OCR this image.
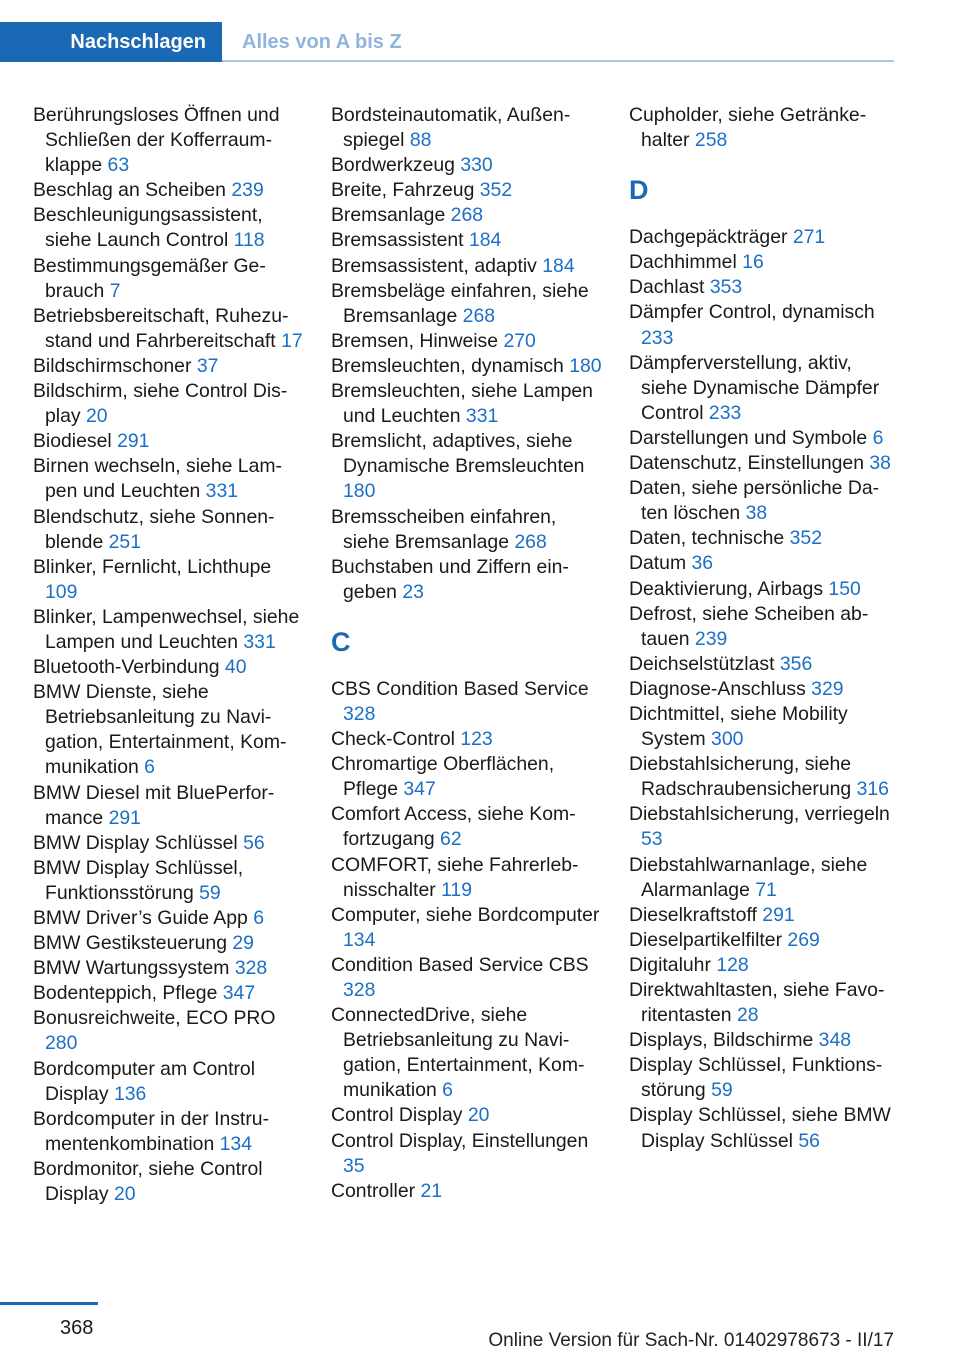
Nachschlagen Alles von A bis Z
Berührungsloses Öffnen und Schließen der Kofferraumklappe 63
Beschlag an Scheiben 239
Beschleunigungsassistent, siehe Launch Control 118
Bestimmungsgemäßer Gebrauch 7
Betriebsbereitschaft, Ruhezustand und Fahrbereitschaft 17
Bildschirmschoner 37
Bildschirm, siehe Control Display 20
Biodiesel 291
Birnen wechseln, siehe Lampen und Leuchten 331
Blendschutz, siehe Sonnenblende 251
Blinker, Fernlicht, Lichthupe 109
Blinker, Lampenwechsel, siehe Lampen und Leuchten 331
Bluetooth-Verbindung 40
BMW Dienste, siehe Betriebsanleitung zu Navigation, Entertainment, Kommunikation 6
BMW Diesel mit BluePerformance 291
BMW Display Schlüssel 56
BMW Display Schlüssel, Funktionsstörung 59
BMW Driver’s Guide App 6
BMW Gestiksteuerung 29
BMW Wartungssystem 328
Bodenteppich, Pflege 347
Bonusreichweite, ECO PRO 280
Bordcomputer am Control Display 136
Bordcomputer in der Instrumentenkombination 134
Bordmonitor, siehe Control Display 20
Bordsteinautomatik, Außenspiegel 88
Bordwerkzeug 330
Breite, Fahrzeug 352
Bremsanlage 268
Bremsassistent 184
Bremsassistent, adaptiv 184
Bremsbeläge einfahren, siehe Bremsanlage 268
Bremsen, Hinweise 270
Bremsleuchten, dynamisch 180
Bremsleuchten, siehe Lampen und Leuchten 331
Bremslicht, adaptives, siehe Dynamische Bremsleuchten 180
Bremsscheiben einfahren, siehe Bremsanlage 268
Buchstaben und Ziffern eingeben 23
C
CBS Condition Based Service 328
Check-Control 123
Chromartige Oberflächen, Pflege 347
Comfort Access, siehe Komfortzugang 62
COMFORT, siehe Fahrerlebnisschalter 119
Computer, siehe Bordcomputer 134
Condition Based Service CBS 328
ConnectedDrive, siehe Betriebsanleitung zu Navigation, Entertainment, Kommunikation 6
Control Display 20
Control Display, Einstellungen 35
Controller 21
Cupholder, siehe Getränkehalter 258
D
Dachgepäckträger 271
Dachhimmel 16
Dachlast 353
Dämpfer Control, dynamisch 233
Dämpferverstellung, aktiv, siehe Dynamische Dämpfer Control 233
Darstellungen und Symbole 6
Datenschutz, Einstellungen 38
Daten, siehe persönliche Daten löschen 38
Daten, technische 352
Datum 36
Deaktivierung, Airbags 150
Defrost, siehe Scheiben abtauen 239
Deichselstützlast 356
Diagnose-Anschluss 329
Dichtmittel, siehe Mobility System 300
Diebstahlsicherung, siehe Radschraubensicherung 316
Diebstahlsicherung, verriegeln 53
Diebstahlwarnanlage, siehe Alarmanlage 71
Dieselkraftstoff 291
Dieselpartikelfilter 269
Digitaluhr 128
Direktwahltasten, siehe Favoritentasten 28
Displays, Bildschirme 348
Display Schlüssel, Funktionsstörung 59
Display Schlüssel, siehe BMW Display Schlüssel 56
368
Online Version für Sach-Nr. 01402978673 - II/17
